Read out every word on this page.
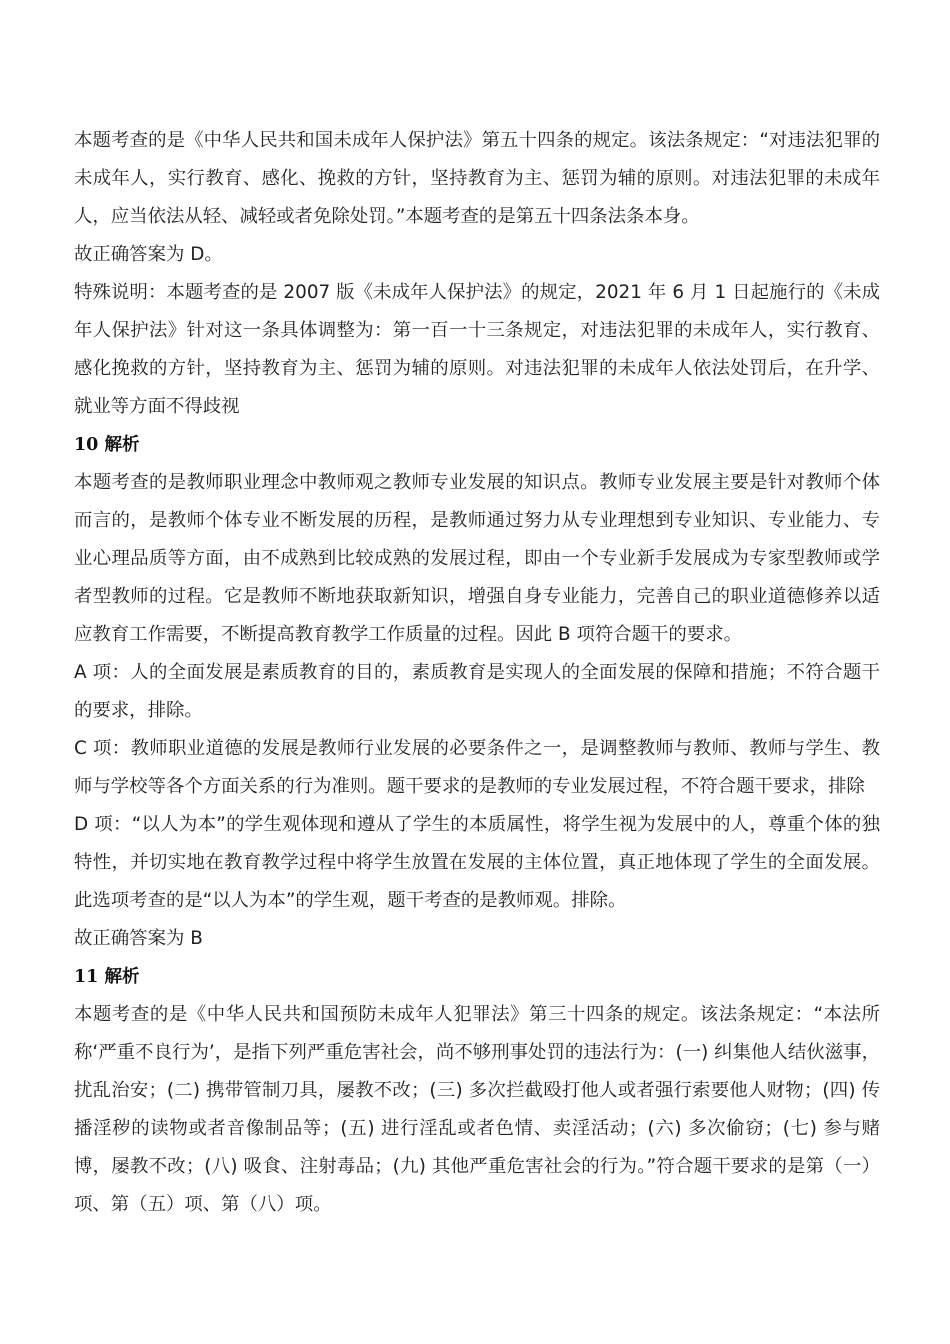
本题考查的是《中华人民共和国未成年人保护法》第五十四条的规定。该法条规定：“对违法犯罪的未成年人，实行教育、感化、挽救的方针，坚持教育为主、惩罚为辅的原则。对违法犯罪的未成年人，应当依法从轻、减轻或者免除处罚。”本题考查的是第五十四条法条本身。

故正确答案为 D。

特殊说明：本题考查的是 2007 版《未成年人保护法》的规定，2021 年 6 月 1 日起施行的《未成年人保护法》针对这一条具体调整为：第一百一十三条规定，对违法犯罪的未成年人，实行教育、感化挽救的方针，坚持教育为主、惩罚为辅的原则。对违法犯罪的未成年人依法处罚后，在升学、就业等方面不得歧视

10 解析

本题考查的是教师职业理念中教师观之教师专业发展的知识点。教师专业发展主要是针对教师个体而言的，是教师个体专业不断发展的历程，是教师通过努力从专业理想到专业知识、专业能力、专业心理品质等方面，由不成熟到比较成熟的发展过程，即由一个专业新手发展成为专家型教师或学者型教师的过程。它是教师不断地获取新知识，增强自身专业能力，完善自己的职业道德修养以适应教育工作需要，不断提高教育教学工作质量的过程。因此 B 项符合题干的要求。

A 项：人的全面发展是素质教育的目的，素质教育是实现人的全面发展的保障和措施；不符合题干的要求，排除。

C 项：教师职业道德的发展是教师行业发展的必要条件之一，是调整教师与教师、教师与学生、教师与学校等各个方面关系的行为准则。题干要求的是教师的专业发展过程，不符合题干要求，排除

D 项：“以人为本”的学生观体现和遵从了学生的本质属性，将学生视为发展中的人，尊重个体的独特性，并切实地在教育教学过程中将学生放置在发展的主体位置，真正地体现了学生的全面发展。此选项考查的是“以人为本”的学生观，题干考查的是教师观。排除。

故正确答案为 B

11 解析

本题考查的是《中华人民共和国预防未成年人犯罪法》第三十四条的规定。该法条规定：“本法所称‘严重不良行为’，是指下列严重危害社会，尚不够刑事处罚的违法行为：(一) 纠集他人结伙滋事，扰乱治安；(二) 携带管制刀具，屡教不改；(三) 多次拦截殴打他人或者强行索要他人财物；(四) 传播淫秽的读物或者音像制品等；(五) 进行淫乱或者色情、卖淫活动；(六) 多次偷窃；(七) 参与赌博，屡教不改；(八) 吸食、注射毒品；(九) 其他严重危害社会的行为。”符合题干要求的是第（一）项、第（五）项、第（八）项。
